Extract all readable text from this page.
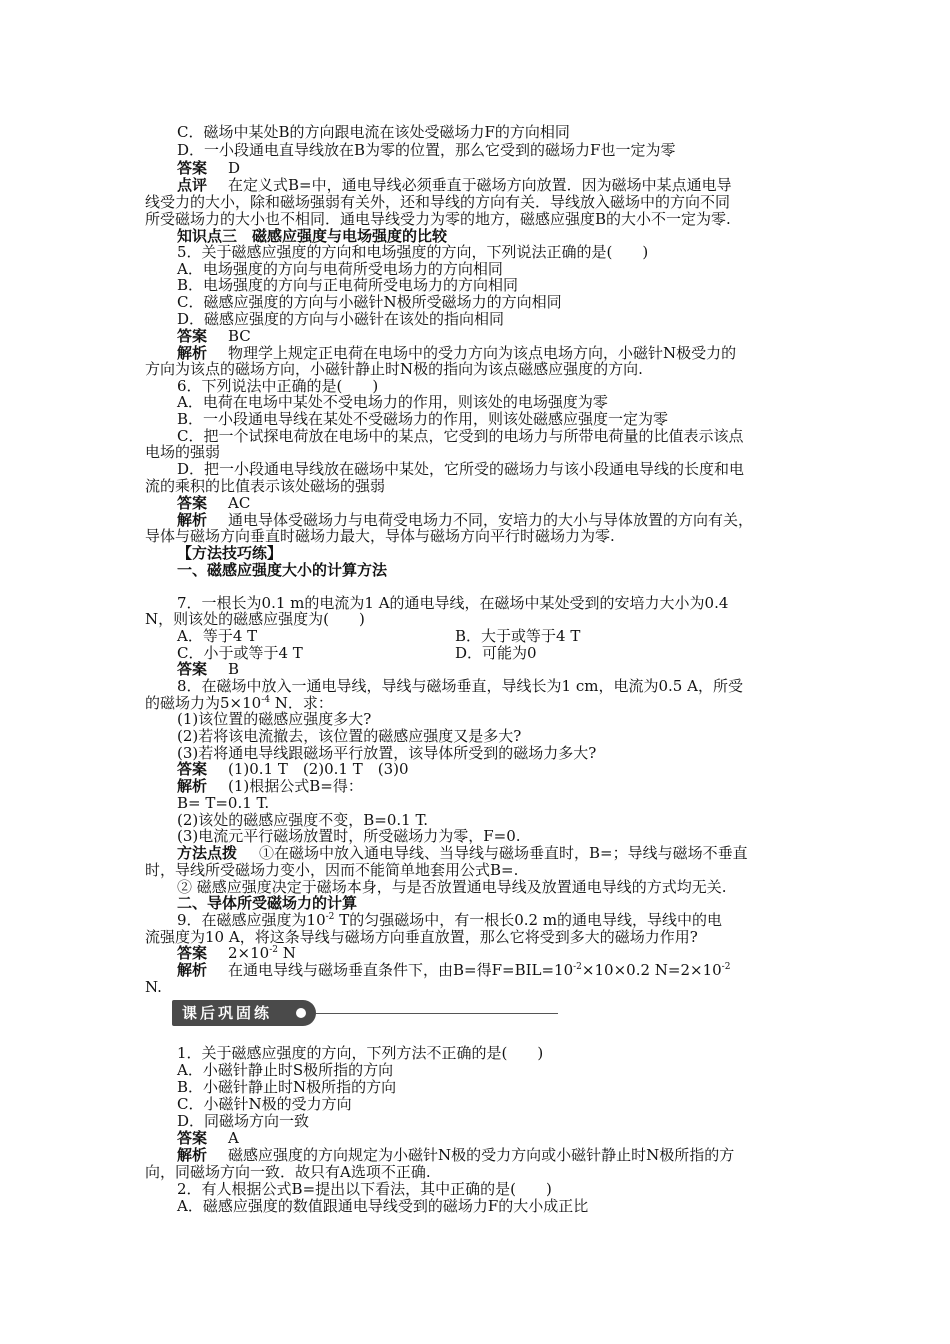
C．磁场中某处B的方向跟电流在该处受磁场力F的方向相同
D．一小段通电直导线放在B为零的位置，那么它受到的磁场力F也一定为零
答案 D
点评 在定义式B=中，通电导线必须垂直于磁场方向放置．因为磁场中某点通电导
线受力的大小，除和磁场强弱有关外，还和导线的方向有关．导线放入磁场中的方向不同
所受磁场力的大小也不相同．通电导线受力为零的地方，磁感应强度B的大小不一定为零.
知识点三　磁感应强度与电场强度的比较
5．关于磁感应强度的方向和电场强度的方向，下列说法正确的是(　　)
A．电场强度的方向与电荷所受电场力的方向相同
B．电场强度的方向与正电荷所受电场力的方向相同
C．磁感应强度的方向与小磁针N极所受磁场力的方向相同
D．磁感应强度的方向与小磁针在该处的指向相同
答案 BC
解析 物理学上规定正电荷在电场中的受力方向为该点电场方向，小磁针N极受力的
方向为该点的磁场方向，小磁针静止时N极的指向为该点磁感应强度的方向.
6．下列说法中正确的是(　　)
A．电荷在电场中某处不受电场力的作用，则该处的电场强度为零
B．一小段通电导线在某处不受磁场力的作用，则该处磁感应强度一定为零
C．把一个试探电荷放在电场中的某点，它受到的电场力与所带电荷量的比值表示该点
电场的强弱
D．把一小段通电导线放在磁场中某处，它所受的磁场力与该小段通电导线的长度和电
流的乘积的比值表示该处磁场的强弱
答案 AC
解析 通电导体受磁场力与电荷受电场力不同，安培力的大小与导体放置的方向有关，
导体与磁场方向垂直时磁场力最大，导体与磁场方向平行时磁场力为零.
【方法技巧练】
一、磁感应强度大小的计算方法
7．一根长为0.1 m的电流为1 A的通电导线，在磁场中某处受到的安培力大小为0.4
N，则该处的磁感应强度为(　　)
A．等于4 T	B．大于或等于4 T
C．小于或等于4 T	D．可能为0
答案 B
8．在磁场中放入一通电导线，导线与磁场垂直，导线长为1 cm，电流为0.5 A，所受
的磁场力为$5\times 10^{-4}$ N．求：
(1)该位置的磁感应强度多大?
(2)若将该电流撤去，该位置的磁感应强度又是多大?
(3)若将通电导线跟磁场平行放置，该导体所受到的磁场力多大?
答案 (1)0.1 T　(2)0.1 T　(3)0
解析 (1)根据公式B=得：
B= T=0.1 T.
(2)该处的磁感应强度不变，B=0.1 T.
(3)电流元平行磁场放置时，所受磁场力为零，F=0.
方法点拨 ①在磁场中放入通电导线、当导线与磁场垂直时，B=；导线与磁场不垂直
时，导线所受磁场力变小，因而不能简单地套用公式B=.
② 磁感应强度决定于磁场本身，与是否放置通电导线及放置通电导线的方式均无关.
二、导体所受磁场力的计算
9．在磁感应强度为$10^{-2}$ T的匀强磁场中，有一根长0.2 m的通电导线，导线中的电
流强度为10 A，将这条导线与磁场方向垂直放置，那么它将受到多大的磁场力作用?
答案 $2\times 10^{-2}$ N
解析 在通电导线与磁场垂直条件下，由B=得$F=BIL=10^{-2}\times 10\times 0.2$ $N=2\times 10^{-2}$
N.
课后巩固练
1．关于磁感应强度的方向，下列方法不正确的是(　　)
A．小磁针静止时S极所指的方向
B．小磁针静止时N极所指的方向
C．小磁针N极的受力方向
D．同磁场方向一致
答案 A
解析 磁感应强度的方向规定为小磁针N极的受力方向或小磁针静止时N极所指的方
向，同磁场方向一致．故只有A选项不正确.
2．有人根据公式B=提出以下看法，其中正确的是(　　)
A．磁感应强度的数值跟通电导线受到的磁场力F的大小成正比
